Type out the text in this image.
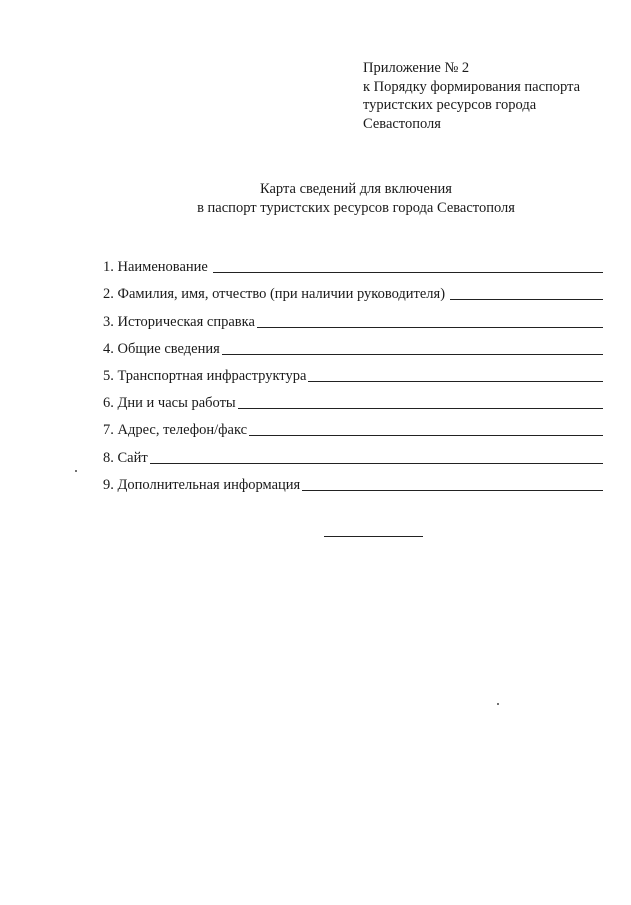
Приложение № 2
к Порядку формирования паспорта
туристских ресурсов города
Севастополя
Карта сведений для включения
в паспорт туристских ресурсов города Севастополя
1. Наименование
2. Фамилия, имя, отчество (при наличии руководителя)
3. Историческая справка
4. Общие сведения
5. Транспортная инфраструктура
6. Дни и часы работы
7. Адрес, телефон/факс
8. Сайт
9. Дополнительная информация
